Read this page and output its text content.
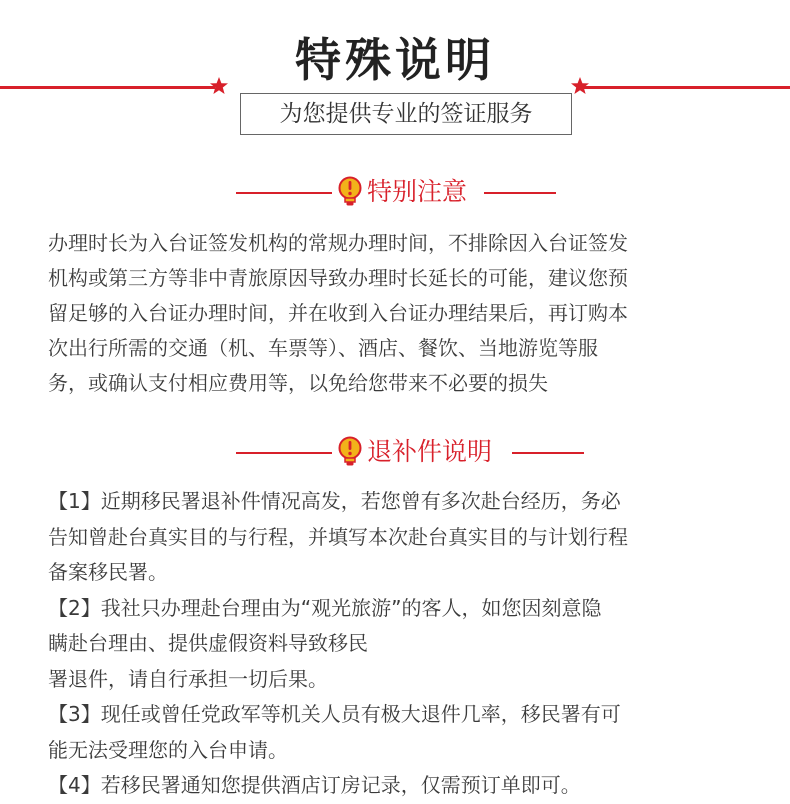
特殊说明
为您提供专业的签证服务
特别注意

办理时长为入台证签发机构的常规办理时间，不排除因入台证签发

机构或第三方等非中青旅原因导致办理时长延长的可能，建议您预

留足够的入台证办理时间，并在收到入台证办理结果后，再订购本

次出行所需的交通（机、车票等）、酒店、餐饮、当地游览等服

务，或确认支付相应费用等，以免给您带来不必要的损失

退补件说明

【1】近期移民署退补件情况高发，若您曾有多次赴台经历，务必

告知曾赴台真实目的与行程，并填写本次赴台真实目的与计划行程

备案移民署。

【2】我社只办理赴台理由为“观光旅游”的客人，如您因刻意隐

瞒赴台理由、提供虚假资料导致移民

署退件，请自行承担一切后果。

【3】现任或曾任党政军等机关人员有极大退件几率，移民署有可

能无法受理您的入台申请。

【4】若移民署通知您提供酒店订房记录，仅需预订单即可。
